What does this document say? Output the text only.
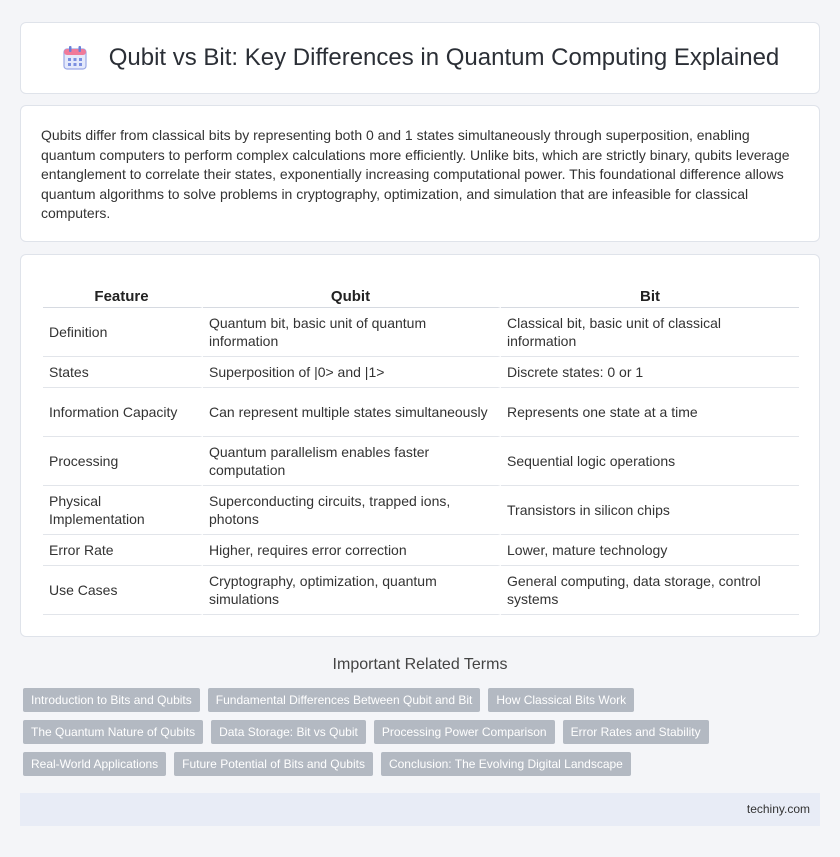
Qubit vs Bit: Key Differences in Quantum Computing Explained

Qubits differ from classical bits by representing both 0 and 1 states simultaneously through superposition, enabling quantum computers to perform complex calculations more efficiently. Unlike bits, which are strictly binary, qubits leverage entanglement to correlate their states, exponentially increasing computational power. This foundational difference allows quantum algorithms to solve problems in cryptography, optimization, and simulation that are infeasible for classical computers.

Feature	Qubit	Bit
Definition	Quantum bit, basic unit of quantum information	Classical bit, basic unit of classical information
States	Superposition of |0> and |1>	Discrete states: 0 or 1
Information Capacity	Can represent multiple states simultaneously	Represents one state at a time
Processing	Quantum parallelism enables faster computation	Sequential logic operations
Physical Implementation	Superconducting circuits, trapped ions, photons	Transistors in silicon chips
Error Rate	Higher, requires error correction	Lower, mature technology
Use Cases	Cryptography, optimization, quantum simulations	General computing, data storage, control systems
Important Related Terms
Introduction to Bits and Qubits	Fundamental Differences Between Qubit and Bit	How Classical Bits Work
The Quantum Nature of Qubits	Data Storage: Bit vs Qubit	Processing Power Comparison	Error Rates and Stability
Real-World Applications	Future Potential of Bits and Qubits	Conclusion: The Evolving Digital Landscape
techiny.com
